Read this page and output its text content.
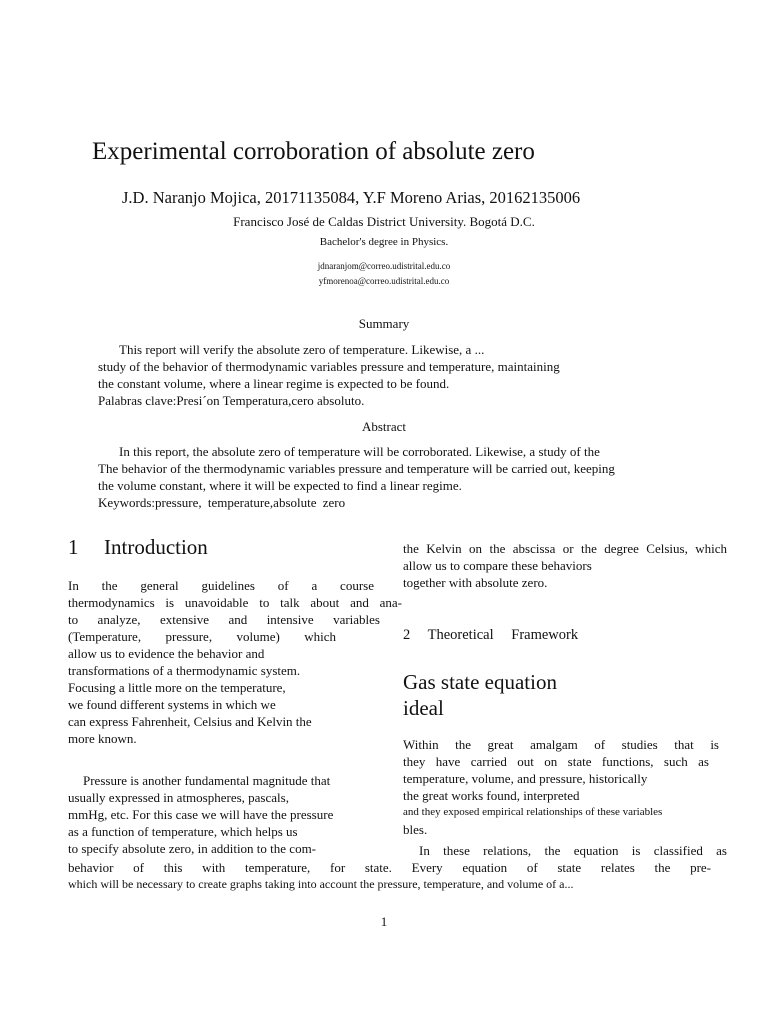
Experimental corroboration of absolute zero
J.D. Naranjo Mojica, 20171135084, Y.F Moreno Arias, 20162135006
Francisco José de Caldas District University. Bogotá D.C.
Bachelor's degree in Physics.
jdnaranjom@correo.udistrital.edu.co
yfmorenoa@correo.udistrital.edu.co
Summary
This report will verify the absolute zero of temperature. Likewise, a ...
study of the behavior of thermodynamic variables pressure and temperature, maintaining
the constant volume, where a linear regime is expected to be found.
Palabras clave:Presi´on Temperatura,cero absoluto.
Abstract
In this report, the absolute zero of temperature will be corroborated. Likewise, a study of the
The behavior of the thermodynamic variables pressure and temperature will be carried out, keeping
the volume constant, where it will be expected to find a linear regime.
Keywords:pressure, temperature,absolute zero
1 Introduction
In the general guidelines of a course
thermodynamics is unavoidable to talk about and ana-
to analyze, extensive and intensive variables
(Temperature, pressure, volume) which
allow us to evidence the behavior and
transformations of a thermodynamic system.
Focusing a little more on the temperature,
we found different systems in which we
can express Fahrenheit, Celsius and Kelvin the
more known.
Pressure is another fundamental magnitude that
usually expressed in atmospheres, pascals,
mmHg, etc. For this case we will have the pressure
as a function of temperature, which helps us
to specify absolute zero, in addition to the com-
the Kelvin on the abscissa or the degree Celsius, which
allow us to compare these behaviors
together with absolute zero.
2 Theoretical Framework
Gas state equation
ideal
Within the great amalgam of studies that is
they have carried out on state functions, such as
temperature, volume, and pressure, historically
the great works found, interpreted
and they exposed empirical relationships of these variables
bles.
In these relations, the equation is classified as
behavior of this with temperature, for state. Every equation of state relates the pre-
which will be necessary to create graphs taking into account the pressure, temperature, and volume of a...
1
